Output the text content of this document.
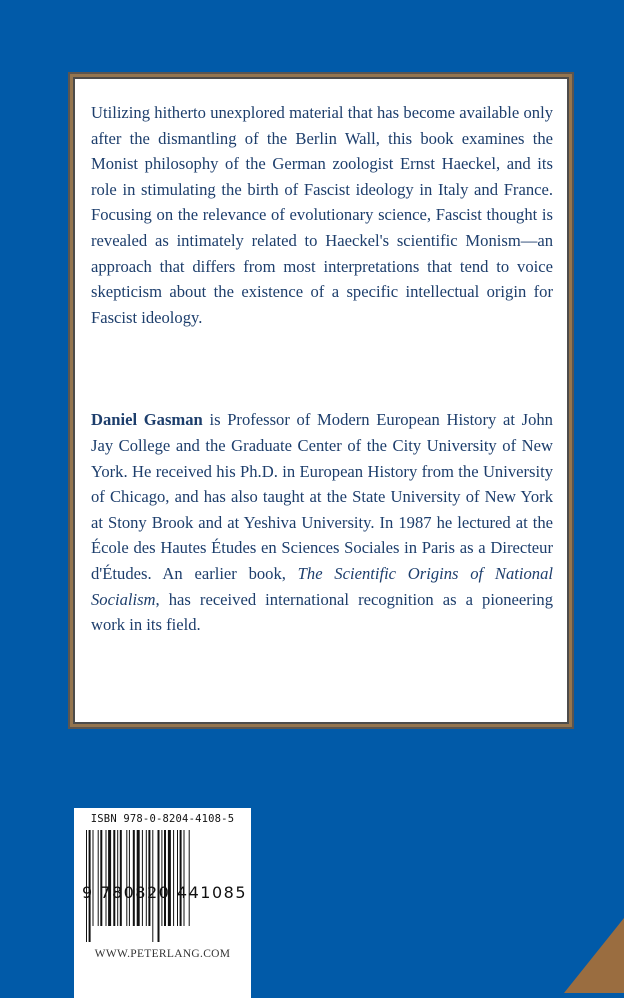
Utilizing hitherto unexplored material that has become available only after the dismantling of the Berlin Wall, this book examines the Monist philosophy of the German zoologist Ernst Haeckel, and its role in stimulating the birth of Fascist ideology in Italy and France. Focusing on the relevance of evolutionary science, Fascist thought is revealed as intimately related to Haeckel's scientific Monism—an approach that differs from most interpretations that tend to voice skepticism about the existence of a specific intellectual origin for Fascist ideology.

Daniel Gasman is Professor of Modern European History at John Jay College and the Graduate Center of the City University of New York. He received his Ph.D. in European History from the University of Chicago, and has also taught at the State University of New York at Stony Brook and at Yeshiva University. In 1987 he lectured at the École des Hautes Études en Sciences Sociales in Paris as a Directeur d'Études. An earlier book, The Scientific Origins of National Socialism, has received international recognition as a pioneering work in its field.

ISBN 978-0-8204-4108-5
9 780820 441085
WWW.PETERLANG.COM
